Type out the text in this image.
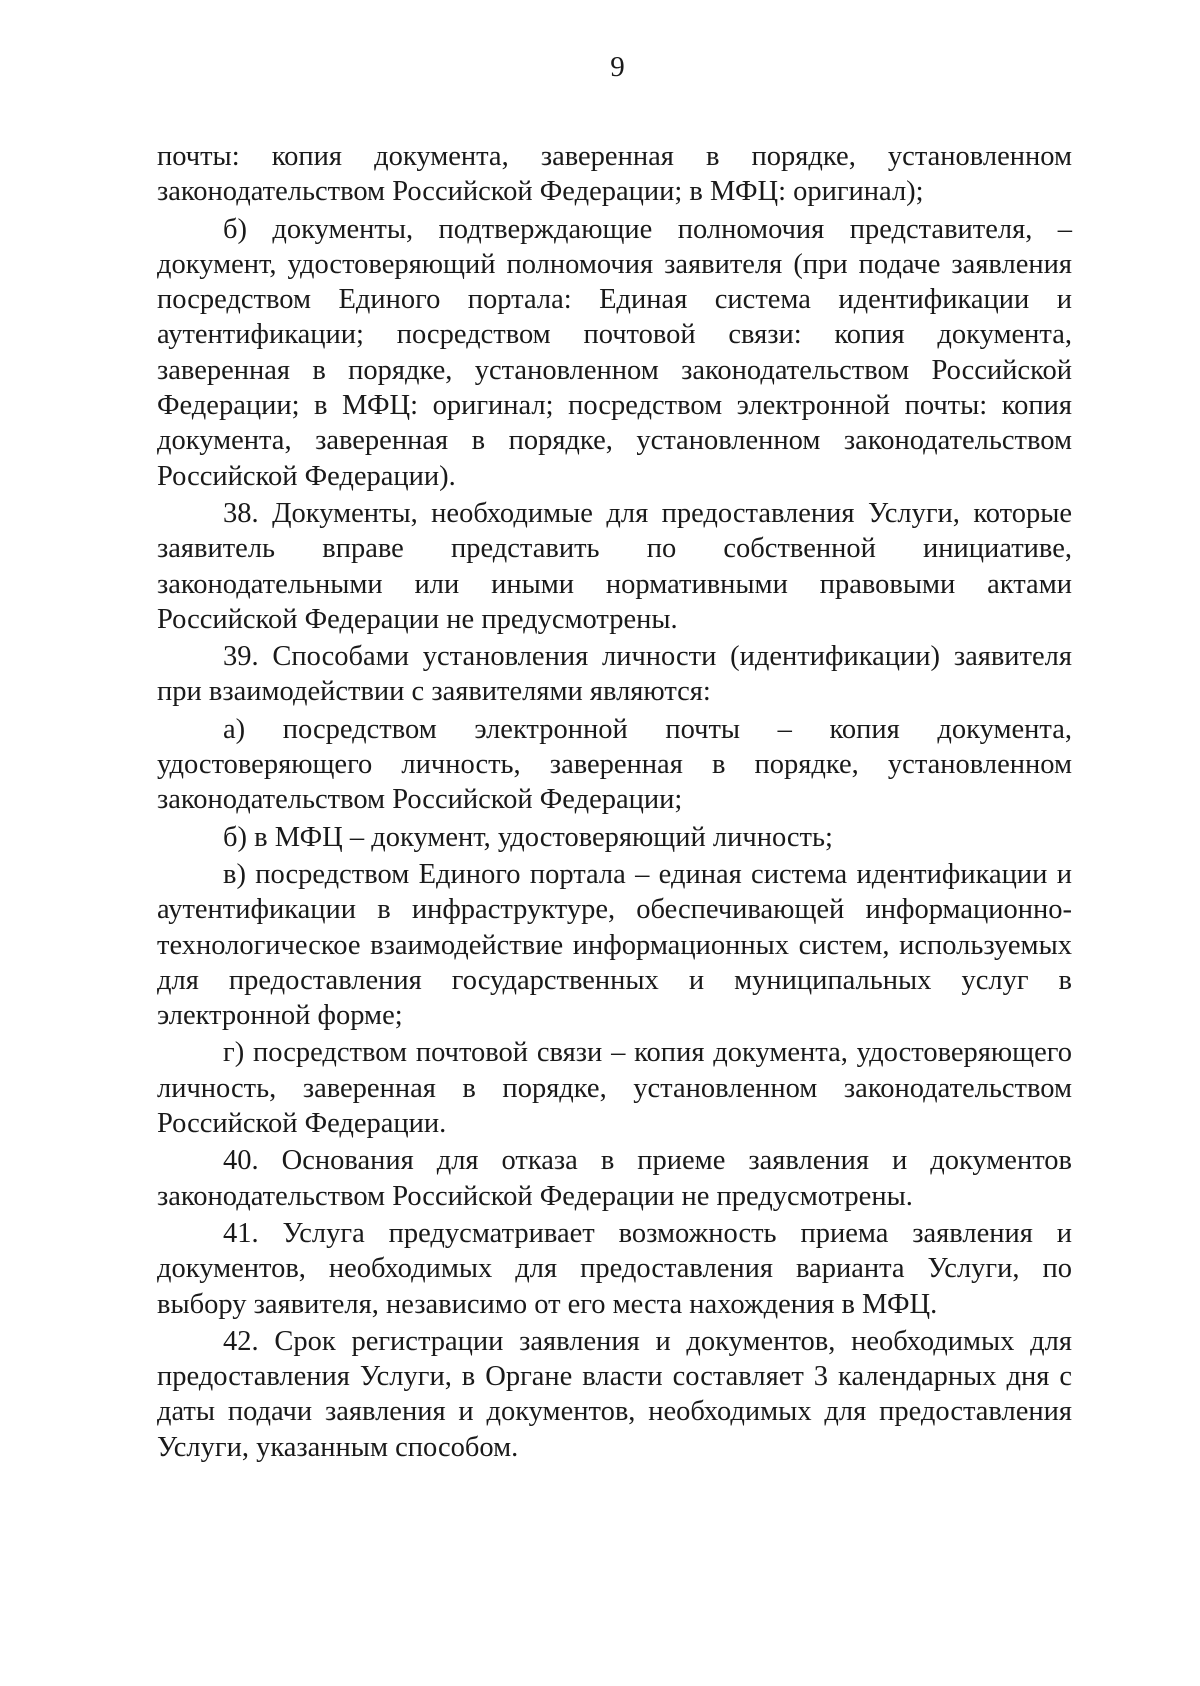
9

почты: копия документа, заверенная в порядке, установленном законодательством Российской Федерации; в МФЦ: оригинал);

б) документы, подтверждающие полномочия представителя, – документ, удостоверяющий полномочия заявителя (при подаче заявления посредством Единого портала: Единая система идентификации и аутентификации; посредством почтовой связи: копия документа, заверенная в порядке, установленном законодательством Российской Федерации; в МФЦ: оригинал; посредством электронной почты: копия документа, заверенная в порядке, установленном законодательством Российской Федерации).

38. Документы, необходимые для предоставления Услуги, которые заявитель вправе представить по собственной инициативе, законодательными или иными нормативными правовыми актами Российской Федерации не предусмотрены.

39. Способами установления личности (идентификации) заявителя при взаимодействии с заявителями являются:

а) посредством электронной почты – копия документа, удостоверяющего личность, заверенная в порядке, установленном законодательством Российской Федерации;

б) в МФЦ – документ, удостоверяющий личность;

в) посредством Единого портала – единая система идентификации и аутентификации в инфраструктуре, обеспечивающей информационно-технологическое взаимодействие информационных систем, используемых для предоставления государственных и муниципальных услуг в электронной форме;

г) посредством почтовой связи – копия документа, удостоверяющего личность, заверенная в порядке, установленном законодательством Российской Федерации.

40. Основания для отказа в приеме заявления и документов законодательством Российской Федерации не предусмотрены.

41. Услуга предусматривает возможность приема заявления и документов, необходимых для предоставления варианта Услуги, по выбору заявителя, независимо от его места нахождения в МФЦ.

42. Срок регистрации заявления и документов, необходимых для предоставления Услуги, в Органе власти составляет 3 календарных дня с даты подачи заявления и документов, необходимых для предоставления Услуги, указанным способом.
